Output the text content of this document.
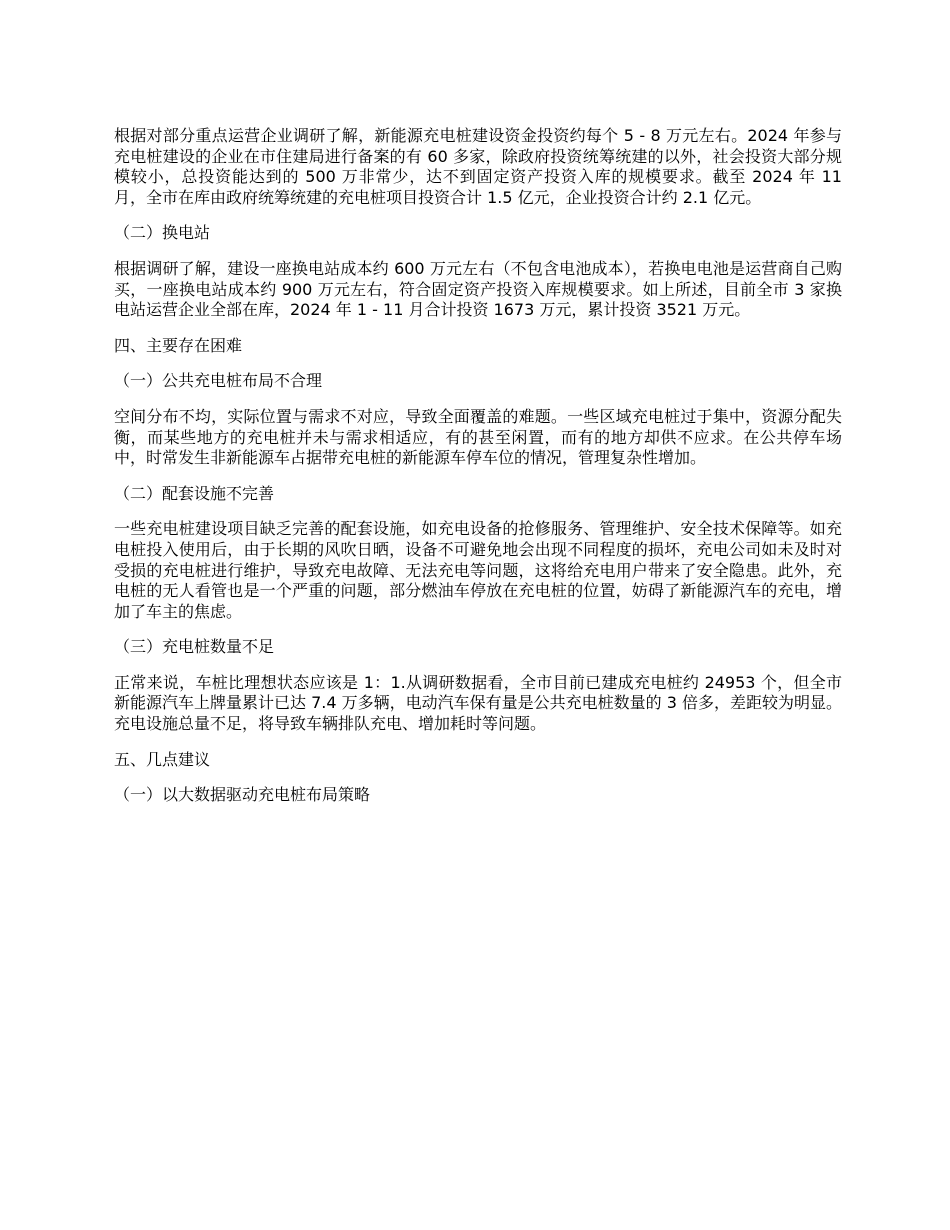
根据对部分重点运营企业调研了解，新能源充电桩建设资金投资约每个 5 - 8 万元左右。2024 年参与充电桩建设的企业在市住建局进行备案的有 60 多家，除政府投资统筹统建的以外，社会投资大部分规模较小，总投资能达到的 500 万非常少，达不到固定资产投资入库的规模要求。截至 2024 年 11 月，全市在库由政府统筹统建的充电桩项目投资合计 1.5 亿元，企业投资合计约 2.1 亿元。

（二）换电站

根据调研了解，建设一座换电站成本约 600 万元左右（不包含电池成本），若换电电池是运营商自己购买，一座换电站成本约 900 万元左右，符合固定资产投资入库规模要求。如上所述，目前全市 3 家换电站运营企业全部在库，2024 年 1 - 11 月合计投资 1673 万元，累计投资 3521 万元。

四、主要存在困难

（一）公共充电桩布局不合理

空间分布不均，实际位置与需求不对应，导致全面覆盖的难题。一些区域充电桩过于集中，资源分配失衡，而某些地方的充电桩并未与需求相适应，有的甚至闲置，而有的地方却供不应求。在公共停车场中，时常发生非新能源车占据带充电桩的新能源车停车位的情况，管理复杂性增加。

（二）配套设施不完善

一些充电桩建设项目缺乏完善的配套设施，如充电设备的抢修服务、管理维护、安全技术保障等。如充电桩投入使用后，由于长期的风吹日晒，设备不可避免地会出现不同程度的损坏，充电公司如未及时对受损的充电桩进行维护，导致充电故障、无法充电等问题，这将给充电用户带来了安全隐患。此外，充电桩的无人看管也是一个严重的问题，部分燃油车停放在充电桩的位置，妨碍了新能源汽车的充电，增加了车主的焦虑。

（三）充电桩数量不足

正常来说，车桩比理想状态应该是 1：1.从调研数据看，全市目前已建成充电桩约 24953 个，但全市新能源汽车上牌量累计已达 7.4 万多辆，电动汽车保有量是公共充电桩数量的 3 倍多，差距较为明显。充电设施总量不足，将导致车辆排队充电、增加耗时等问题。

五、几点建议

（一）以大数据驱动充电桩布局策略
